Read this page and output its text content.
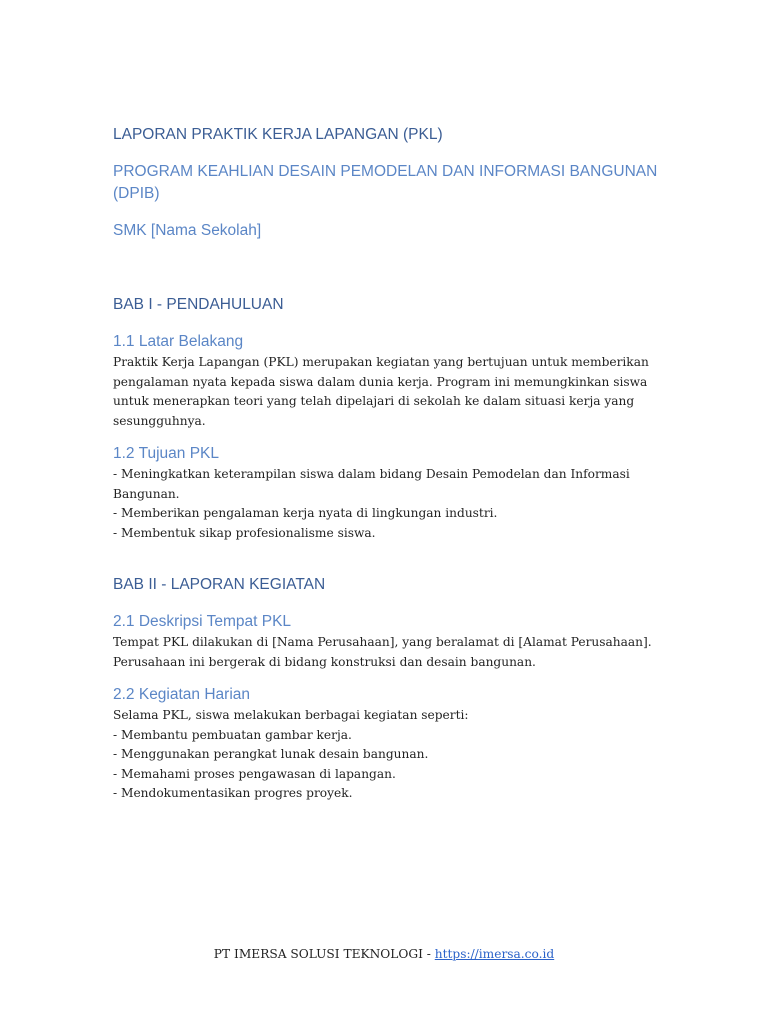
LAPORAN PRAKTIK KERJA LAPANGAN (PKL)
PROGRAM KEAHLIAN DESAIN PEMODELAN DAN INFORMASI BANGUNAN (DPIB)
SMK [Nama Sekolah]
BAB I - PENDAHULUAN
1.1 Latar Belakang
Praktik Kerja Lapangan (PKL) merupakan kegiatan yang bertujuan untuk memberikan
pengalaman nyata kepada siswa dalam dunia kerja. Program ini memungkinkan siswa
untuk menerapkan teori yang telah dipelajari di sekolah ke dalam situasi kerja yang
sesungguhnya.
1.2 Tujuan PKL
- Meningkatkan keterampilan siswa dalam bidang Desain Pemodelan dan Informasi
Bangunan.
- Memberikan pengalaman kerja nyata di lingkungan industri.
- Membentuk sikap profesionalisme siswa.
BAB II - LAPORAN KEGIATAN
2.1 Deskripsi Tempat PKL
Tempat PKL dilakukan di [Nama Perusahaan], yang beralamat di [Alamat Perusahaan].
Perusahaan ini bergerak di bidang konstruksi dan desain bangunan.
2.2 Kegiatan Harian
Selama PKL, siswa melakukan berbagai kegiatan seperti:
- Membantu pembuatan gambar kerja.
- Menggunakan perangkat lunak desain bangunan.
- Memahami proses pengawasan di lapangan.
- Mendokumentasikan progres proyek.
PT IMERSA SOLUSI TEKNOLOGI - https://imersa.co.id
